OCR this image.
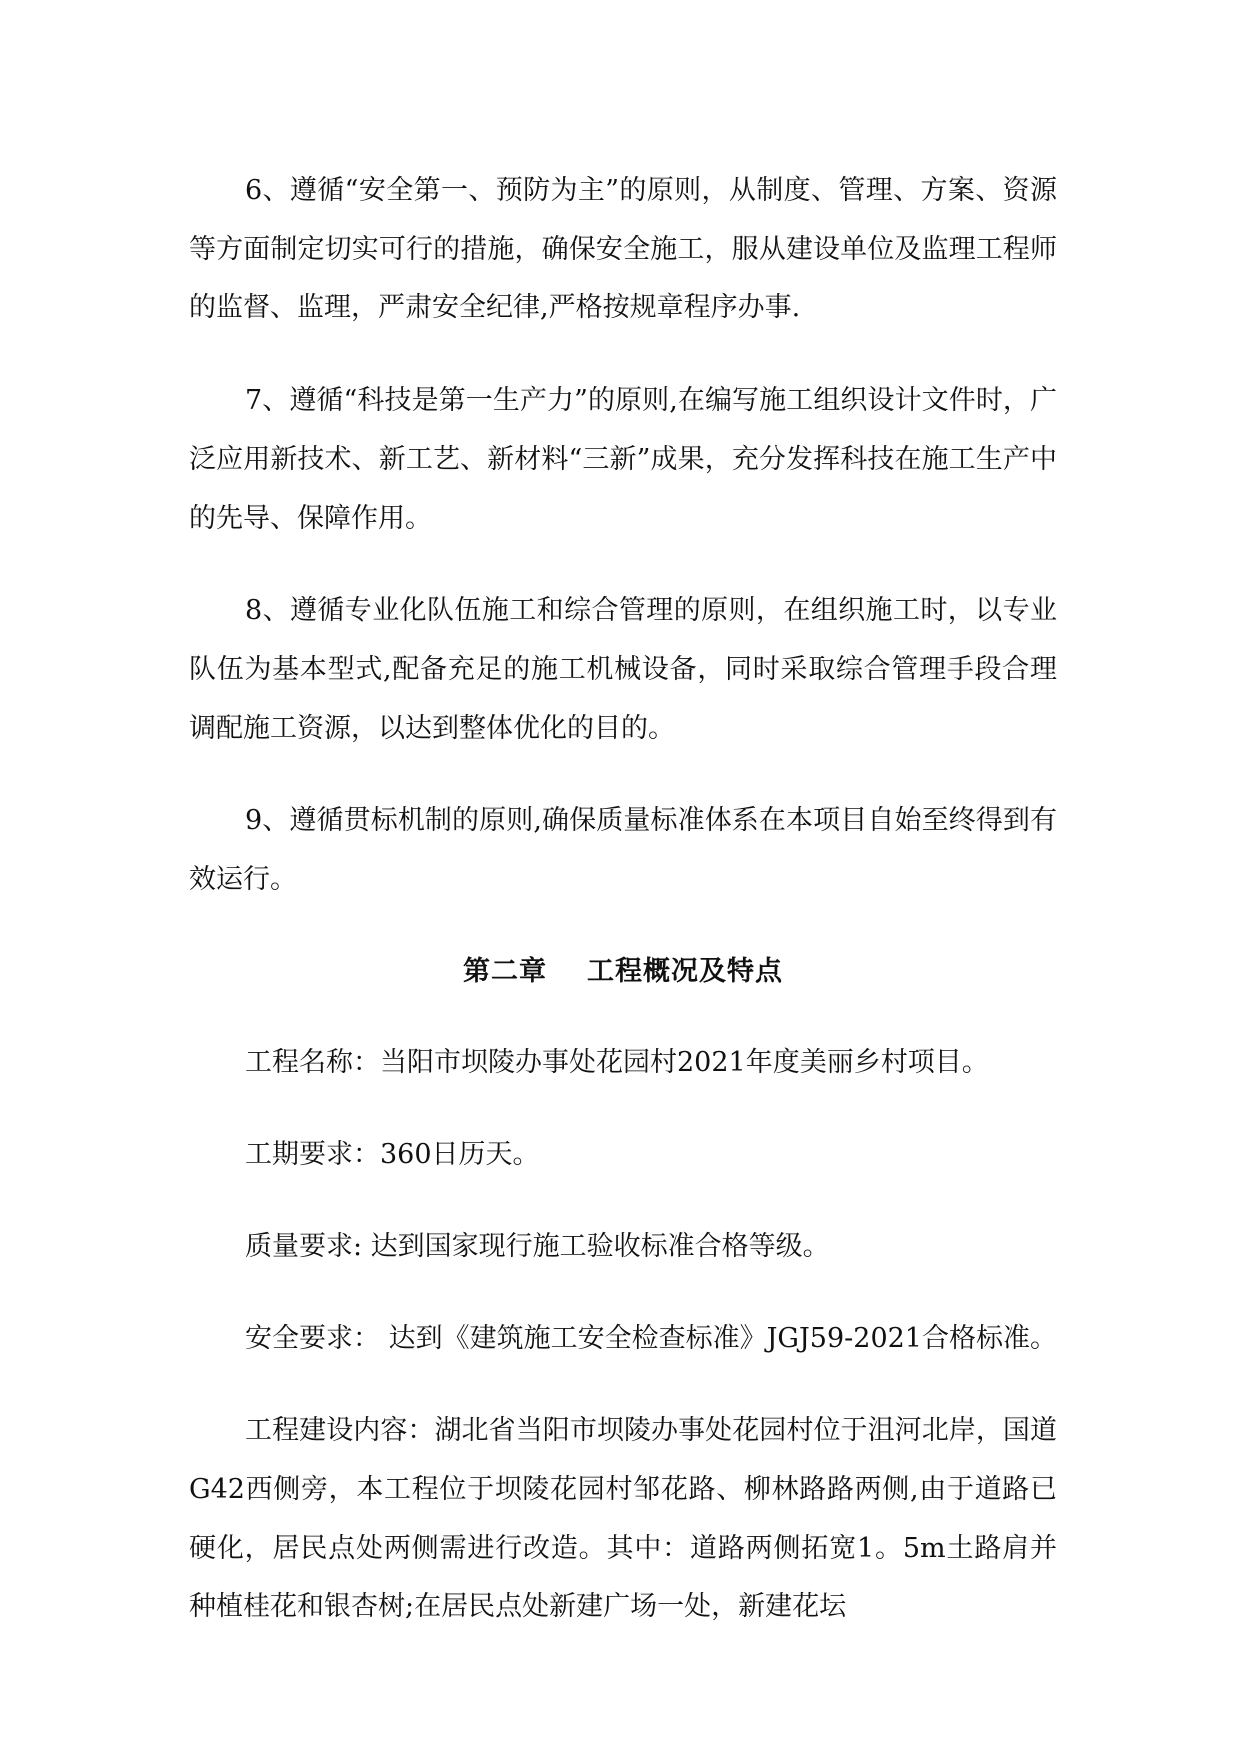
6、遵循“安全第一、预防为主”的原则，从制度、管理、方案、资源等方面制定切实可行的措施，确保安全施工，服从建设单位及监理工程师的监督、监理，严肃安全纪律,严格按规章程序办事.

7、遵循“科技是第一生产力”的原则,在编写施工组织设计文件时，广泛应用新技术、新工艺、新材料“三新”成果，充分发挥科技在施工生产中的先导、保障作用。

8、遵循专业化队伍施工和综合管理的原则，在组织施工时，以专业队伍为基本型式,配备充足的施工机械设备，同时采取综合管理手段合理调配施工资源，以达到整体优化的目的。

9、遵循贯标机制的原则,确保质量标准体系在本项目自始至终得到有效运行。

第二章 工程概况及特点

工程名称：当阳市坝陵办事处花园村2021年度美丽乡村项目。

工期要求：360日历天。

质量要求: 达到国家现行施工验收标准合格等级。

安全要求： 达到《建筑施工安全检查标准》JGJ59-2021合格标准。

工程建设内容：湖北省当阳市坝陵办事处花园村位于沮河北岸，国道G42西侧旁，本工程位于坝陵花园村邹花路、柳林路路两侧,由于道路已硬化，居民点处两侧需进行改造。其中：道路两侧拓宽1。5m土路肩并种植桂花和银杏树;在居民点处新建广场一处，新建花坛
